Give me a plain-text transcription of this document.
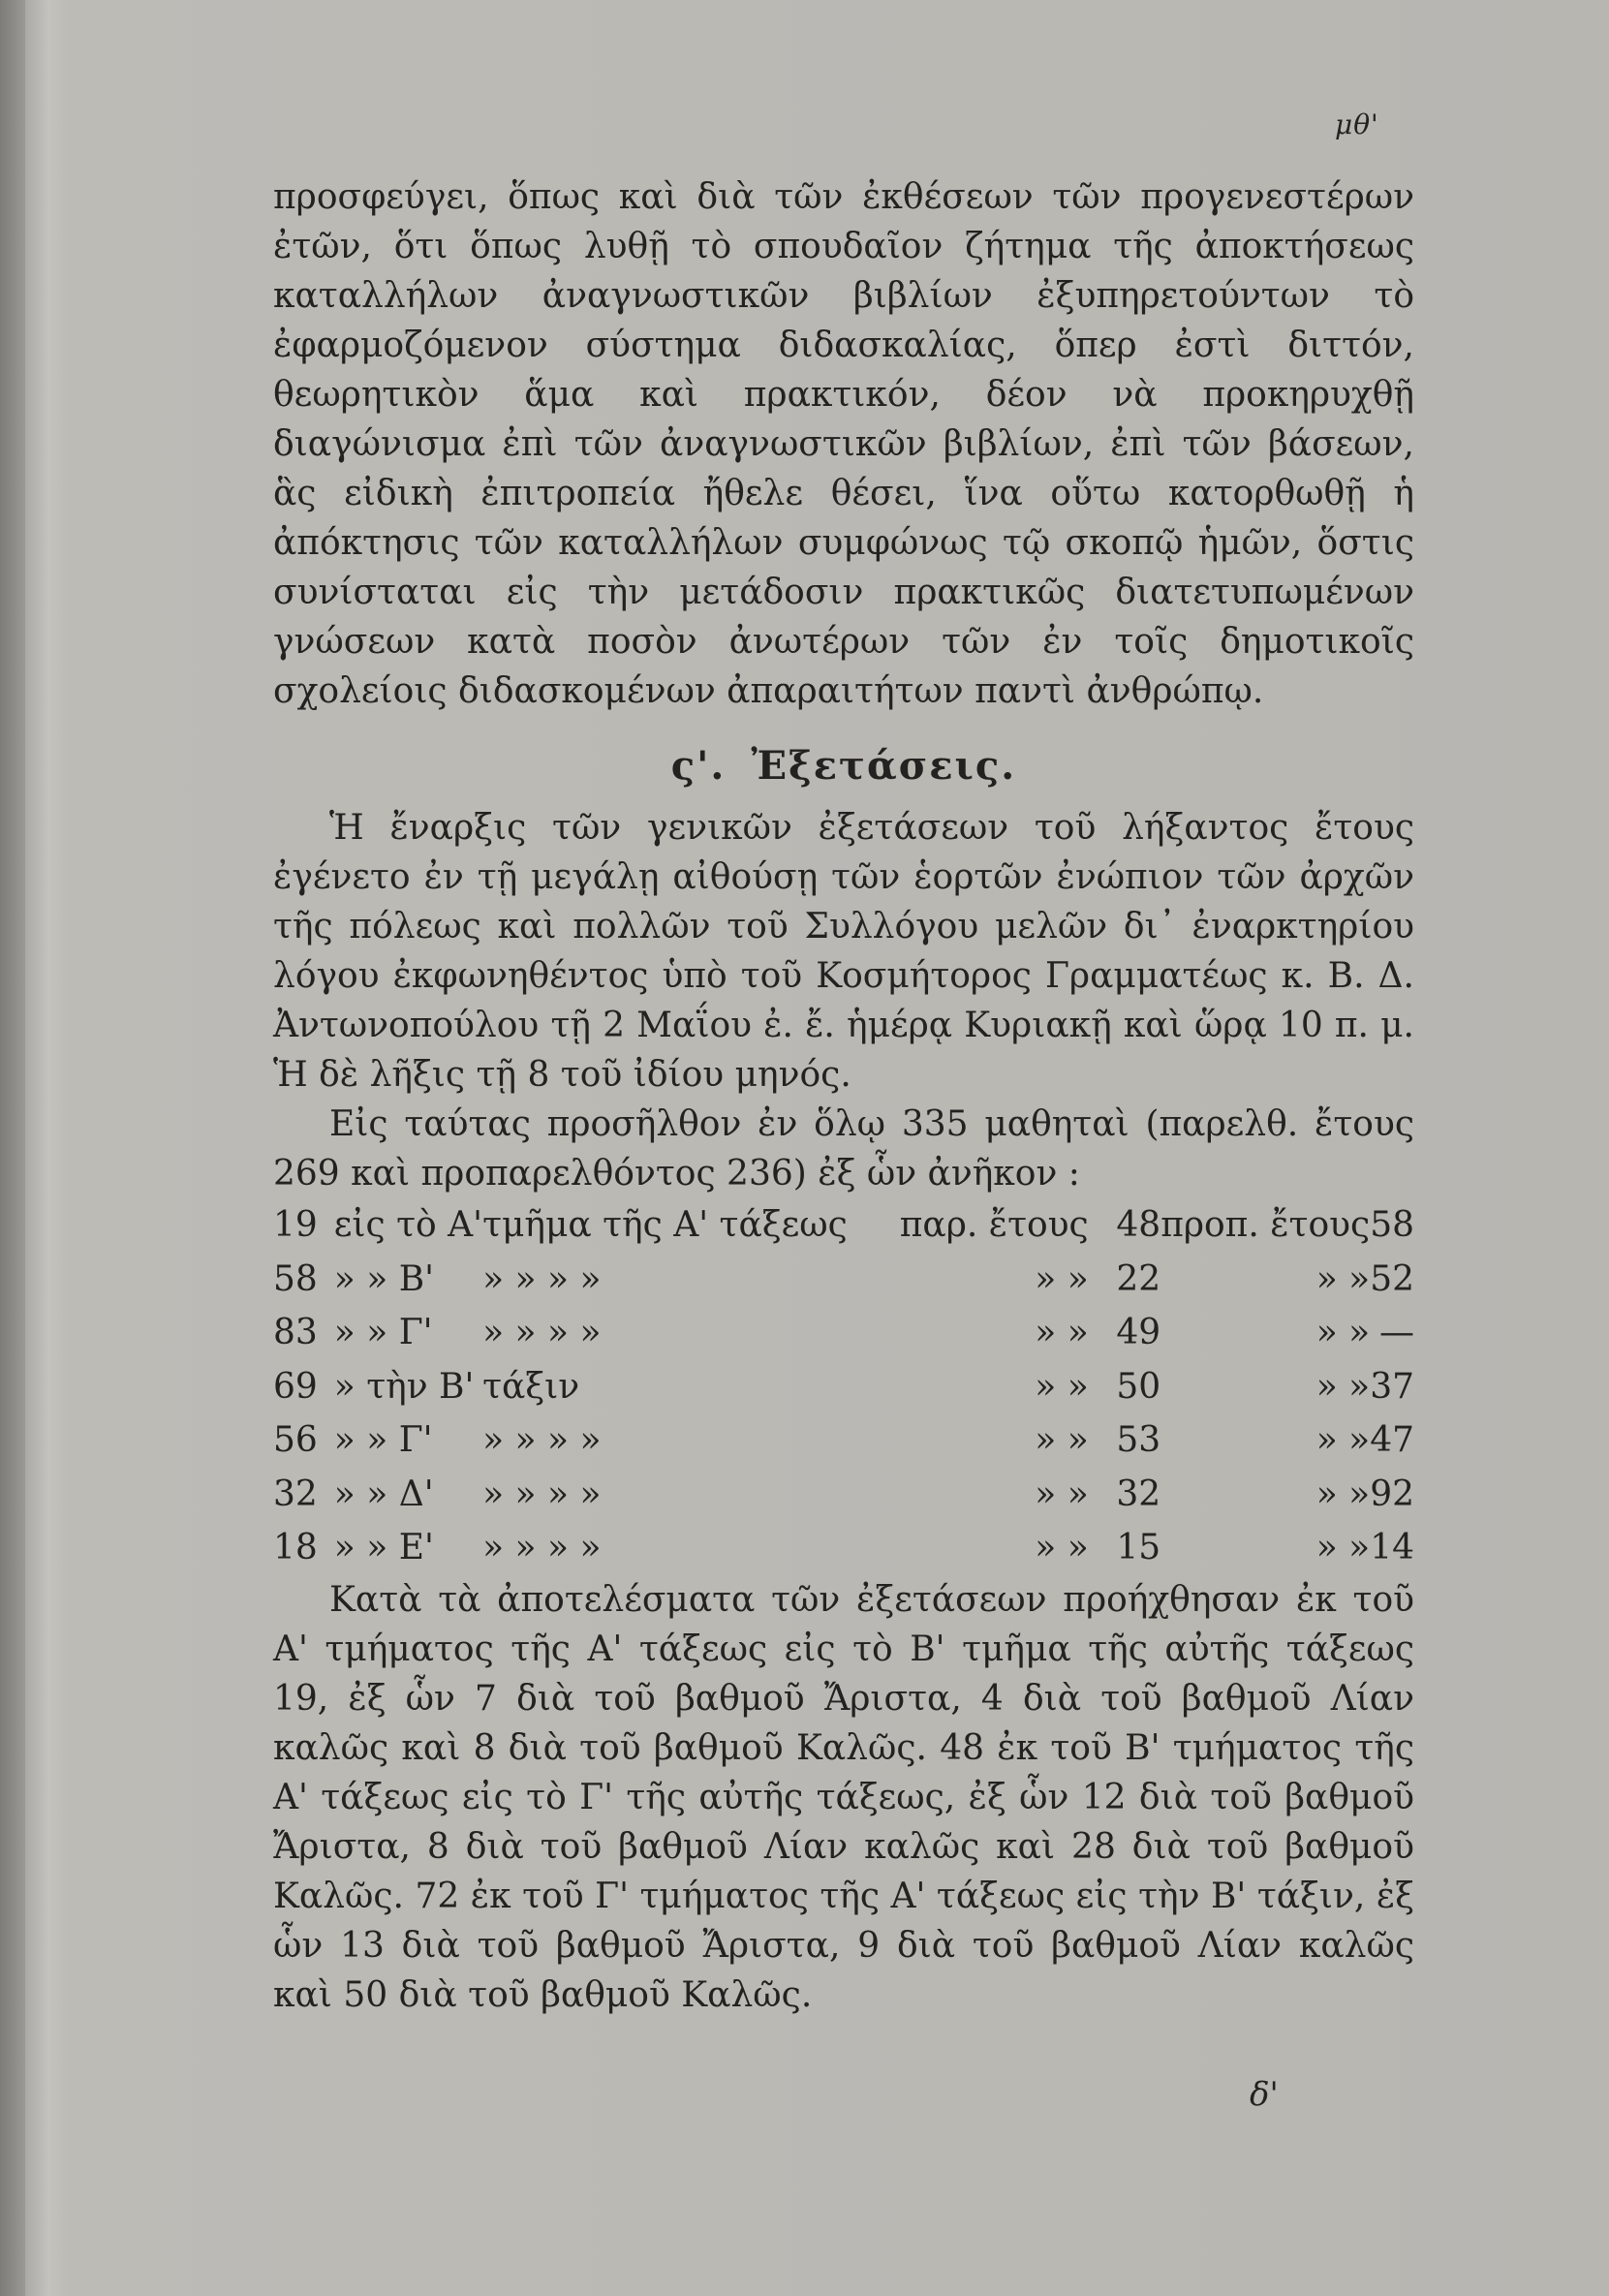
μθ'

προσφεύγει, ὅπως καὶ διὰ τῶν ἐκθέσεων τῶν προγενεστέρων ἐτῶν, ὅτι ὅπως λυθῇ τὸ σπουδαῖον ζήτημα τῆς ἀποκτήσεως καταλλήλων ἀναγνωστικῶν βιβλίων ἐξυπηρετούντων τὸ ἐφαρμοζόμενον σύστημα διδασκαλίας, ὅπερ ἐστὶ διττόν, θεωρητικὸν ἅμα καὶ πρακτικόν, δέον νὰ προκηρυχθῇ διαγώνισμα ἐπὶ τῶν ἀναγνωστικῶν βιβλίων, ἐπὶ τῶν βάσεων, ἃς εἰδικὴ ἐπιτροπεία ἤθελε θέσει, ἵνα οὕτω κατορθωθῇ ἡ ἀπόκτησις τῶν καταλλήλων συμφώνως τῷ σκοπῷ ἡμῶν, ὅστις συνίσταται εἰς τὴν μετάδοσιν πρακτικῶς διατετυπωμένων γνώσεων κατὰ ποσὸν ἀνωτέρων τῶν ἐν τοῖς δημοτικοῖς σχολείοις διδασκομένων ἀπαραιτήτων παντὶ ἀνθρώπῳ.

ς'. Ἐξετάσεις.

Ἡ ἔναρξις τῶν γενικῶν ἐξετάσεων τοῦ λήξαντος ἔτους ἐγένετο ἐν τῇ μεγάλῃ αἰθούσῃ τῶν ἑορτῶν ἐνώπιον τῶν ἀρχῶν τῆς πόλεως καὶ πολλῶν τοῦ Συλλόγου μελῶν δι᾽ ἐναρκτηρίου λόγου ἐκφωνηθέντος ὑπὸ τοῦ Κοσμήτορος Γραμματέως κ. Β. Δ. Ἀντωνοπούλου τῇ 2 Μαΐου ἐ. ἔ. ἡμέρᾳ Κυριακῇ καὶ ὥρᾳ 10 π. μ. Ἡ δὲ λῆξις τῇ 8 τοῦ ἰδίου μηνός.

Εἰς ταύτας προσῆλθον ἐν ὅλῳ 335 μαθηταὶ (παρελθ. ἔτους 269 καὶ προπαρελθόντος 236) ἐξ ὧν ἀνῆκον :

19	εἰς τὸ Α'	τμῆμα τῆς Α' τάξεως	παρ. ἔτους	48	προπ. ἔτους	58
58	» » Β'	» » » »	» »	22	» »	52
83	» » Γ'	» » » »	» »	49	» »	—
69	» τὴν Β'	τάξιν	» »	50	» »	37
56	» » Γ'	» » » »	» »	53	» »	47
32	» » Δ'	» » » »	» »	32	» »	92
18	» » Ε'	» » » »	» »	15	» »	14

Κατὰ τὰ ἀποτελέσματα τῶν ἐξετάσεων προήχθησαν ἐκ τοῦ Α' τμήματος τῆς Α' τάξεως εἰς τὸ Β' τμῆμα τῆς αὐτῆς τάξεως 19, ἐξ ὧν 7 διὰ τοῦ βαθμοῦ Ἄριστα, 4 διὰ τοῦ βαθμοῦ Λίαν καλῶς καὶ 8 διὰ τοῦ βαθμοῦ Καλῶς. 48 ἐκ τοῦ Β' τμήματος τῆς Α' τάξεως εἰς τὸ Γ' τῆς αὐτῆς τάξεως, ἐξ ὧν 12 διὰ τοῦ βαθμοῦ Ἄριστα, 8 διὰ τοῦ βαθμοῦ Λίαν καλῶς καὶ 28 διὰ τοῦ βαθμοῦ Καλῶς. 72 ἐκ τοῦ Γ' τμήματος τῆς Α' τάξεως εἰς τὴν Β' τάξιν, ἐξ ὧν 13 διὰ τοῦ βαθμοῦ Ἄριστα, 9 διὰ τοῦ βαθμοῦ Λίαν καλῶς καὶ 50 διὰ τοῦ βαθμοῦ Καλῶς.

δ'
